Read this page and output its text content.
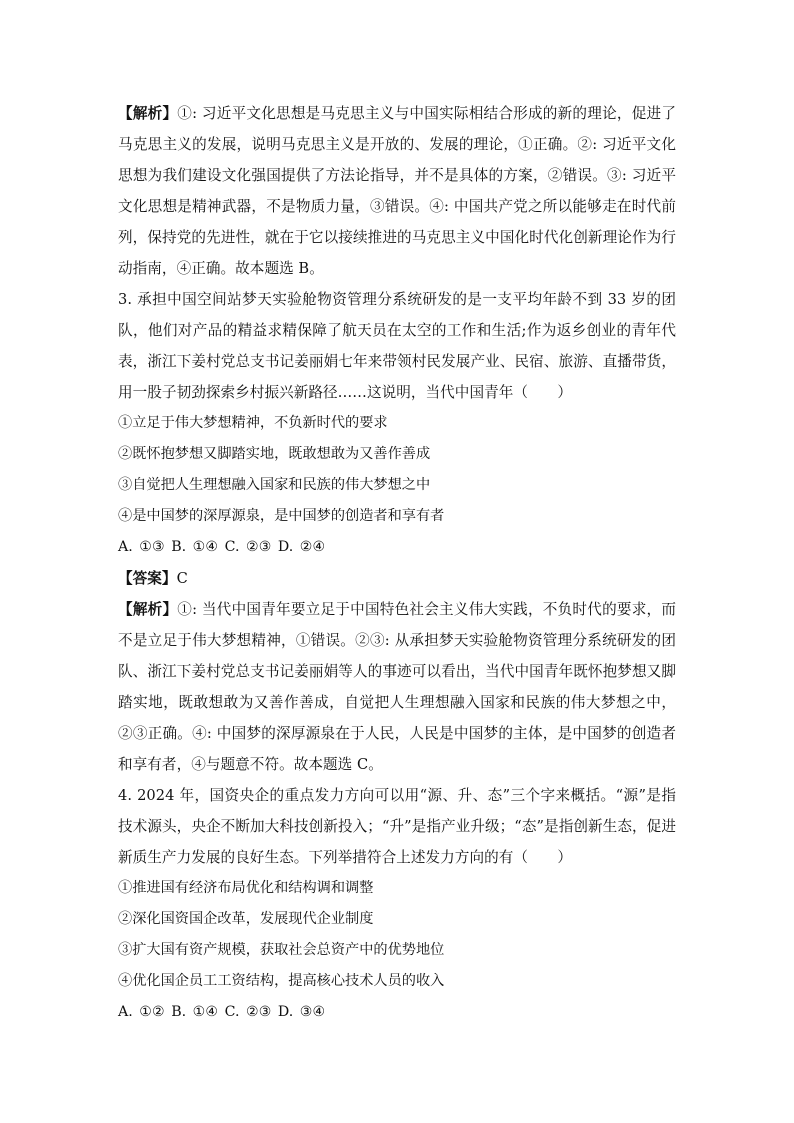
【解析】①: 习近平文化思想是马克思主义与中国实际相结合形成的新的理论，促进了马克思主义的发展，说明马克思主义是开放的、发展的理论，①正确。②: 习近平文化思想为我们建设文化强国提供了方法论指导，并不是具体的方案，②错误。③: 习近平文化思想是精神武器，不是物质力量，③错误。④: 中国共产党之所以能够走在时代前列，保持党的先进性，就在于它以接续推进的马克思主义中国化时代化创新理论作为行动指南，④正确。故本题选 B。

3. 承担中国空间站梦天实验舱物资管理分系统研发的是一支平均年龄不到 33 岁的团队，他们对产品的精益求精保障了航天员在太空的工作和生活;作为返乡创业的青年代表，浙江下姜村党总支书记姜丽娟七年来带领村民发展产业、民宿、旅游、直播带货，用一股子韧劲探索乡村振兴新路径……这说明，当代中国青年（　　）

①立足于伟大梦想精神，不负新时代的要求

②既怀抱梦想又脚踏实地，既敢想敢为又善作善成

③自觉把人生理想融入国家和民族的伟大梦想之中

④是中国梦的深厚源泉，是中国梦的创造者和享有者

A. ①③ B. ①④ C. ②③ D. ②④

【答案】C

【解析】①: 当代中国青年要立足于中国特色社会主义伟大实践，不负时代的要求，而不是立足于伟大梦想精神，①错误。②③: 从承担梦天实验舱物资管理分系统研发的团队、浙江下姜村党总支书记姜丽娟等人的事迹可以看出，当代中国青年既怀抱梦想又脚踏实地，既敢想敢为又善作善成，自觉把人生理想融入国家和民族的伟大梦想之中，②③正确。④: 中国梦的深厚源泉在于人民，人民是中国梦的主体，是中国梦的创造者和享有者，④与题意不符。故本题选 C。

4. 2024 年，国资央企的重点发力方向可以用“源、升、态”三个字来概括。“源”是指技术源头，央企不断加大科技创新投入；“升”是指产业升级；“态”是指创新生态，促进新质生产力发展的良好生态。下列举措符合上述发力方向的有（　　）

①推进国有经济布局优化和结构调和调整

②深化国资国企改革，发展现代企业制度

③扩大国有资产规模，获取社会总资产中的优势地位

④优化国企员工工资结构，提高核心技术人员的收入

A. ①② B. ①④ C. ②③ D. ③④
